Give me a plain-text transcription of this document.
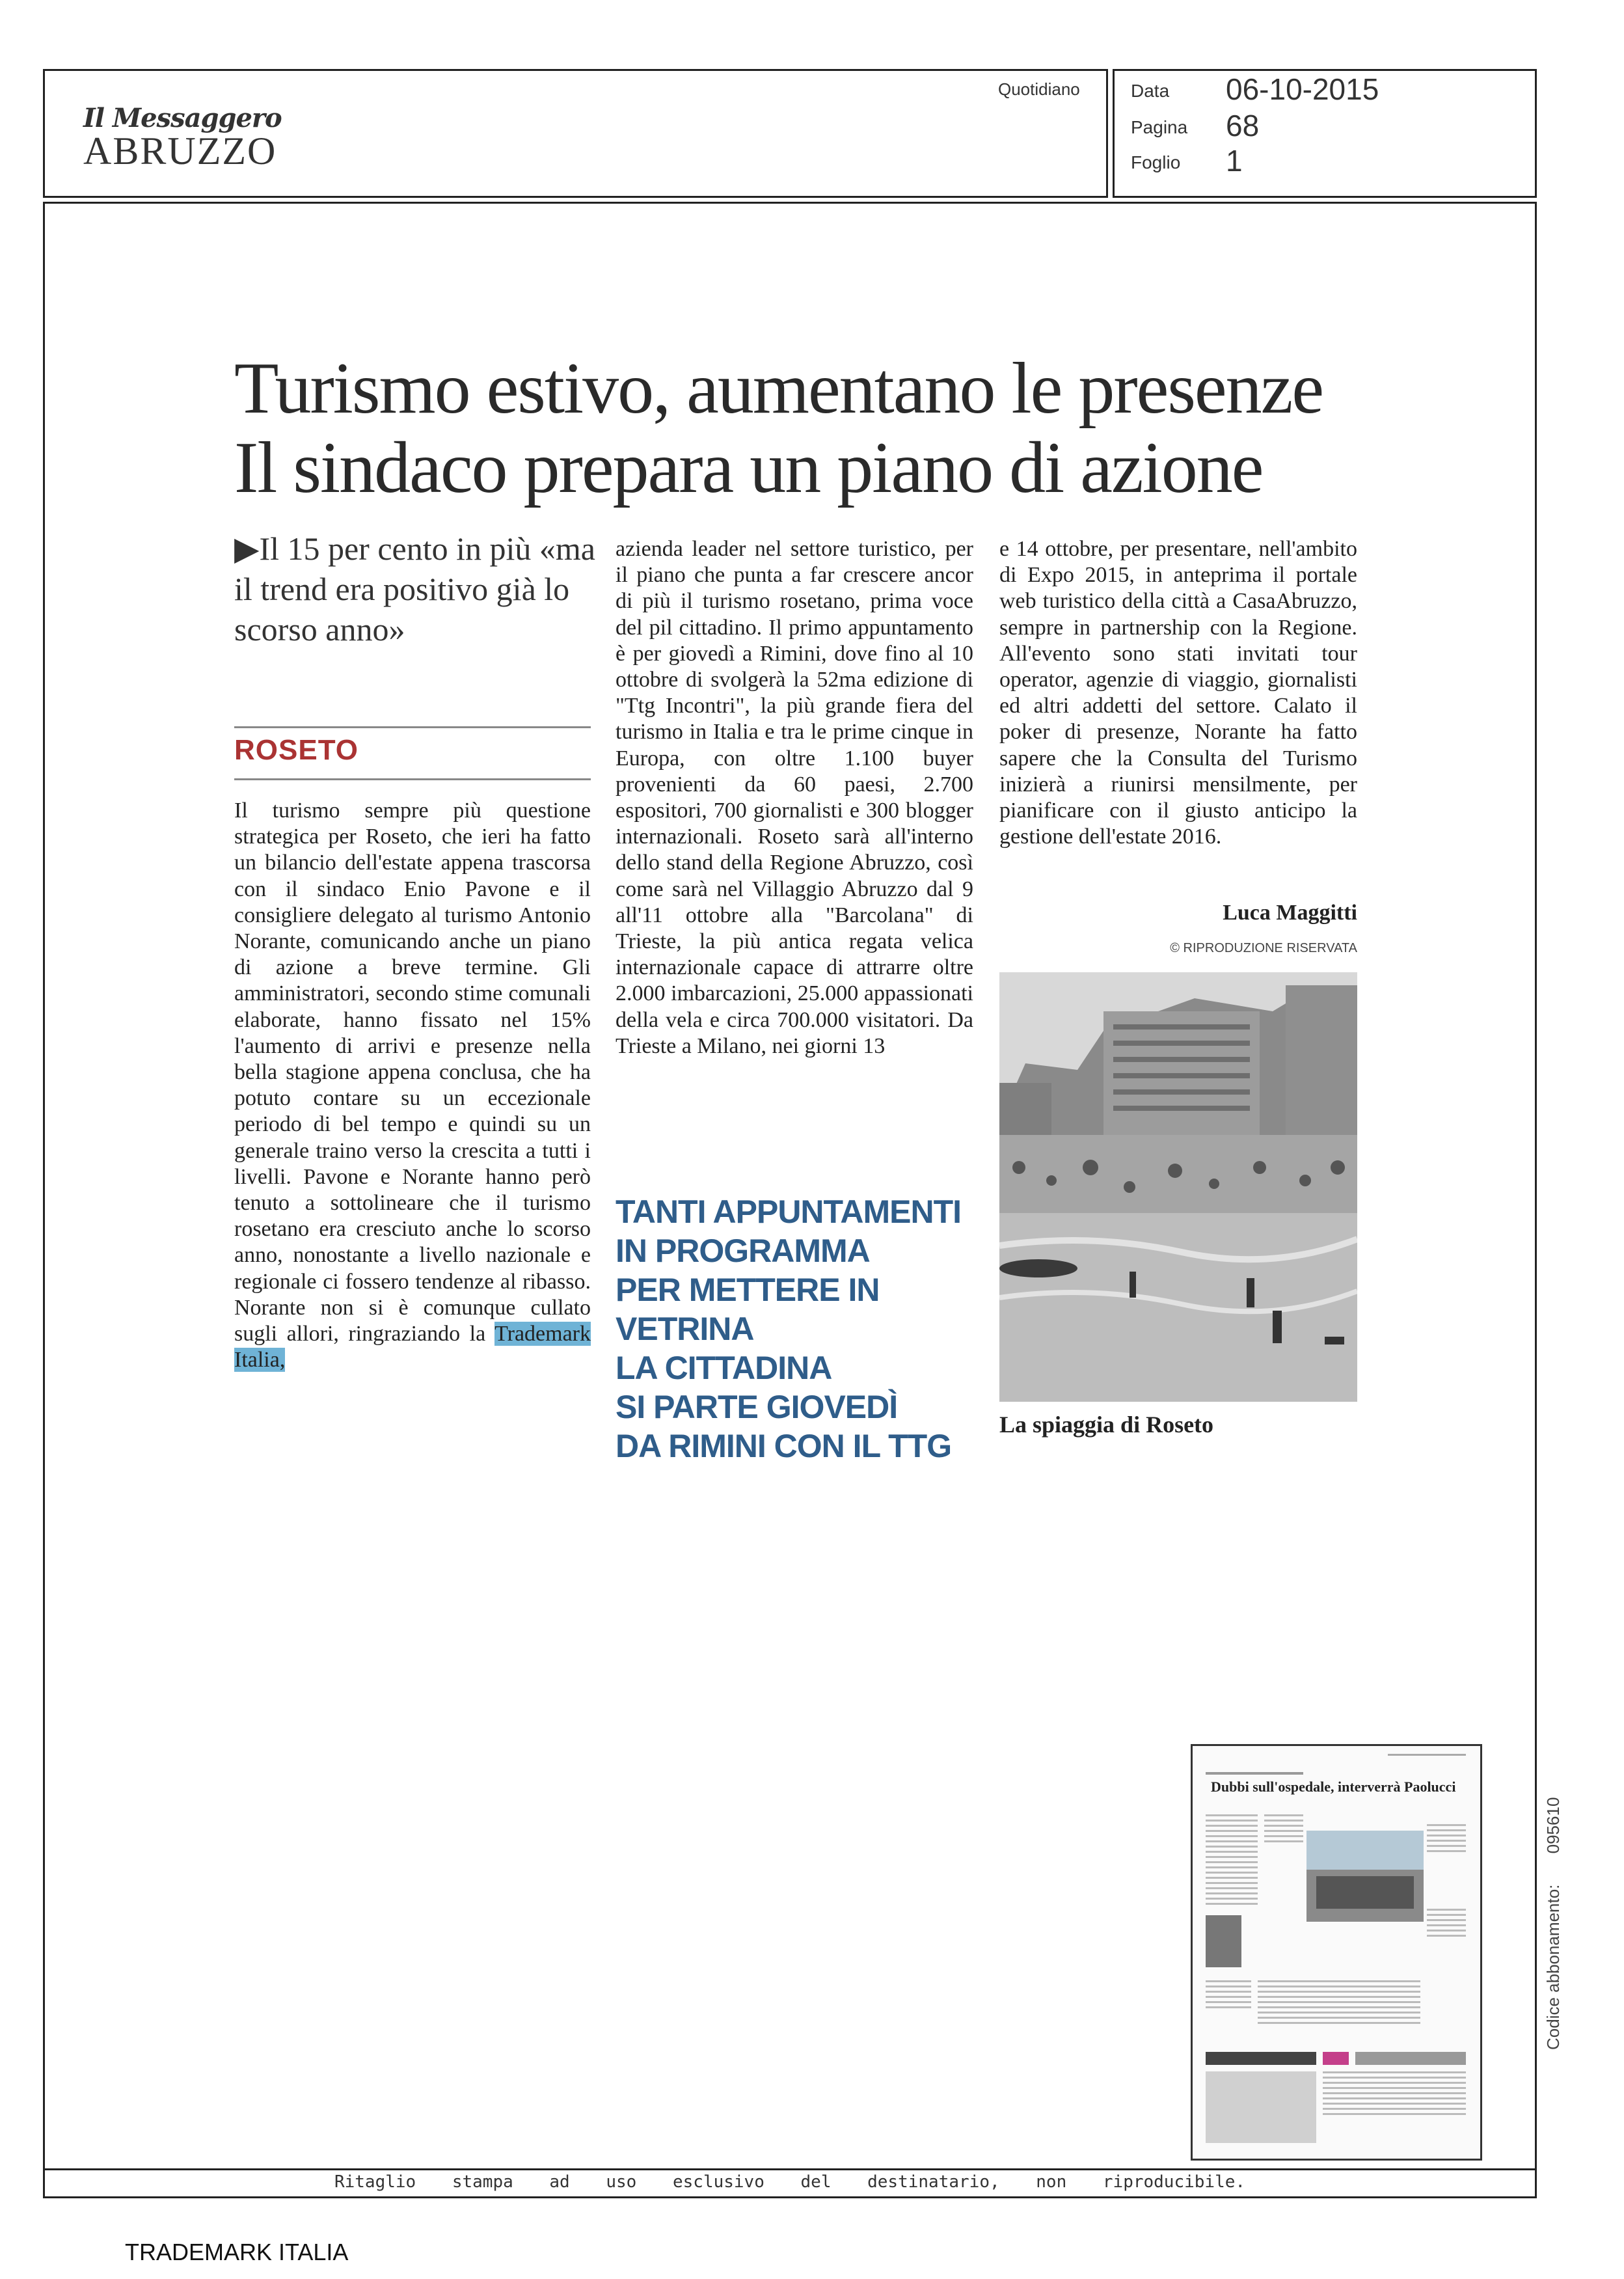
Il Messaggero
ABRUZZO
Quotidiano	Data 06-10-2015
Pagina 68
Foglio 1
Turismo estivo, aumentano le presenze
Il sindaco prepara un piano di azione
▶Il 15 per cento in più «ma il trend era positivo già lo scorso anno»
ROSETO

Il turismo sempre più questione strategica per Roseto, che ieri ha fatto un bilancio dell'estate appena trascorsa con il sindaco Enio Pavone e il consigliere delegato al turismo Antonio Norante, comunicando anche un piano di azione a breve termine. Gli amministratori, secondo stime comunali elaborate, hanno fissato nel 15% l'aumento di arrivi e presenze nella bella stagione appena conclusa, che ha potuto contare su un eccezionale periodo di bel tempo e quindi su un generale traino verso la crescita a tutti i livelli. Pavone e Norante hanno però tenuto a sottolineare che il turismo rosetano era cresciuto anche lo scorso anno, nonostante a livello nazionale e regionale ci fossero tendenze al ribasso. Norante non si è comunque cullato sugli allori, ringraziando la Trademark Italia,

azienda leader nel settore turistico, per il piano che punta a far crescere ancor di più il turismo rosetano, prima voce del pil cittadino. Il primo appuntamento è per giovedì a Rimini, dove fino al 10 ottobre di svolgerà la 52ma edizione di "Ttg Incontri", la più grande fiera del turismo in Italia e tra le prime cinque in Europa, con oltre 1.100 buyer provenienti da 60 paesi, 2.700 espositori, 700 giornalisti e 300 blogger internazionali. Roseto sarà all'interno dello stand della Regione Abruzzo, così come sarà nel Villaggio Abruzzo dal 9 all'11 ottobre alla "Barcolana" di Trieste, la più antica regata velica internazionale capace di attrarre oltre 2.000 imbarcazioni, 25.000 appassionati della vela e circa 700.000 visitatori. Da Trieste a Milano, nei giorni 13

TANTI APPUNTAMENTI
IN PROGRAMMA
PER METTERE IN VETRINA
LA CITTADINA
SI PARTE GIOVEDÌ
DA RIMINI CON IL TTG

e 14 ottobre, per presentare, nell'ambito di Expo 2015, in anteprima il portale web turistico della città a CasaAbruzzo, sempre in partnership con la Regione. All'evento sono stati invitati tour operator, agenzie di viaggio, giornalisti ed altri addetti del settore. Calato il poker di presenze, Norante ha fatto sapere che la Consulta del Turismo inizierà a riunirsi mensilmente, per pianificare con il giusto anticipo la gestione dell'estate 2016.

Luca Maggitti
© RIPRODUZIONE RISERVATA
La spiaggia di Roseto
Dubbi sull'ospedale, interverrà Paolucci
Codice abbonamento: 095610
Ritaglio stampa ad uso esclusivo del destinatario, non riproducibile.
TRADEMARK ITALIA
